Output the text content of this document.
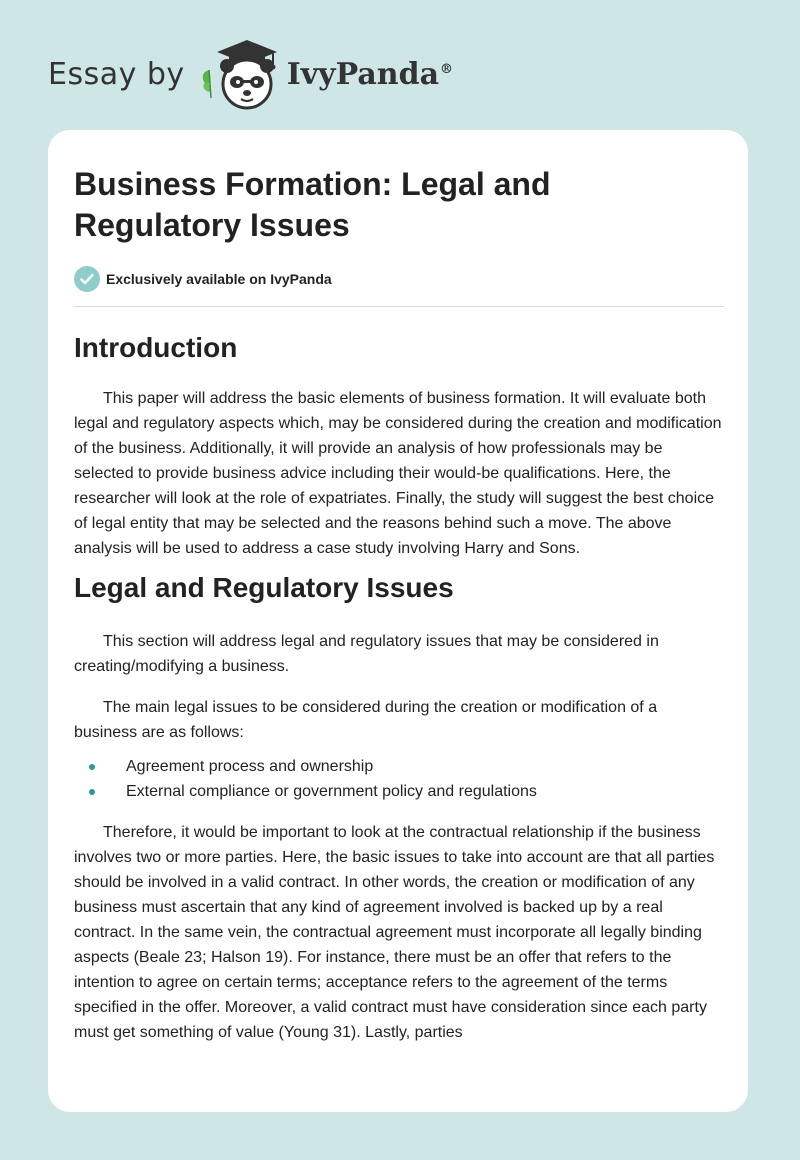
Essay by	IvyPanda®
Business Formation: Legal and
Regulatory Issues
Exclusively available on IvyPanda
Introduction

This paper will address the basic elements of business formation. It will evaluate both legal and regulatory aspects which, may be considered during the creation and modification of the business. Additionally, it will provide an analysis of how professionals may be selected to provide business advice including their would-be qualifications. Here, the researcher will look at the role of expatriates. Finally, the study will suggest the best choice of legal entity that may be selected and the reasons behind such a move. The above analysis will be used to address a case study involving Harry and Sons.

Legal and Regulatory Issues

This section will address legal and regulatory issues that may be considered in creating/modifying a business.

The main legal issues to be considered during the creation or modification of a business are as follows:

Agreement process and ownership
External compliance or government policy and regulations

Therefore, it would be important to look at the contractual relationship if the business involves two or more parties. Here, the basic issues to take into account are that all parties should be involved in a valid contract. In other words, the creation or modification of any business must ascertain that any kind of agreement involved is backed up by a real contract. In the same vein, the contractual agreement must incorporate all legally binding aspects (Beale 23; Halson 19). For instance, there must be an offer that refers to the intention to agree on certain terms; acceptance refers to the agreement of the terms specified in the offer. Moreover, a valid contract must have consideration since each party must get something of value (Young 31). Lastly, parties
